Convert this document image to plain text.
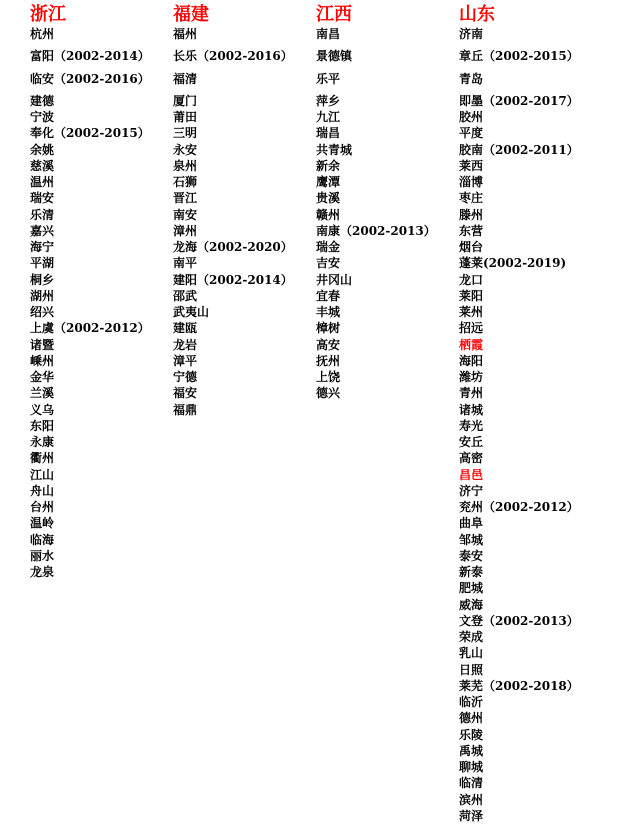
浙江
杭州
富阳（2002-2014）
临安（2002-2016）
建德
宁波
奉化（2002-2015）
余姚
慈溪
温州
瑞安
乐清
嘉兴
海宁
平湖
桐乡
湖州
绍兴
上虞（2002-2012）
诸暨
嵊州
金华
兰溪
义乌
东阳
永康
衢州
江山
舟山
台州
温岭
临海
丽水
龙泉
福建
福州
长乐（2002-2016）
福清
厦门
莆田
三明
永安
泉州
石狮
晋江
南安
漳州
龙海（2002-2020）
南平
建阳（2002-2014）
邵武
武夷山
建瓯
龙岩
漳平
宁德
福安
福鼎
江西
南昌
景德镇
乐平
萍乡
九江
瑞昌
共青城
新余
鹰潭
贵溪
赣州
南康（2002-2013）
瑞金
吉安
井冈山
宜春
丰城
樟树
高安
抚州
上饶
德兴
山东
济南
章丘（2002-2015）
青岛
即墨（2002-2017）
胶州
平度
胶南（2002-2011）
莱西
淄博
枣庄
滕州
东营
烟台
蓬莱(2002-2019)
龙口
莱阳
莱州
招远
栖霞
海阳
潍坊
青州
诸城
寿光
安丘
高密
昌邑
济宁
兖州（2002-2012）
曲阜
邹城
泰安
新泰
肥城
威海
文登（2002-2013）
荣成
乳山
日照
莱芜（2002-2018）
临沂
德州
乐陵
禹城
聊城
临清
滨州
菏泽
